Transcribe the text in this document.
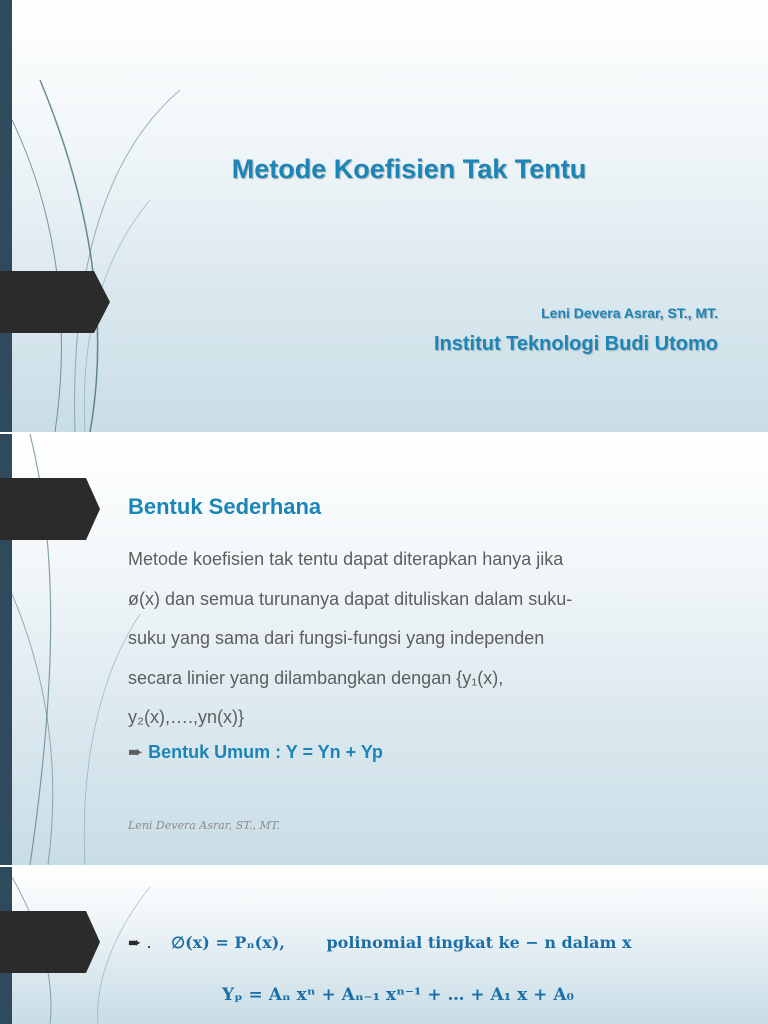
Metode Koefisien Tak Tentu
Leni Devera Asrar, ST., MT.
Institut Teknologi Budi Utomo
Bentuk Sederhana
Metode koefisien tak tentu dapat diterapkan hanya jika
ø(x) dan semua turunanya dapat dituliskan dalam suku-
suku yang sama dari fungsi-fungsi yang independen
secara linier yang dilambangkan dengan {y₁(x),
y₂(x),….,yn(x)}
➨ Bentuk Umum : Y = Yn + Yp
Leni Devera Asrar, ST., MT.
➨ . ∅(x) = Pₙ(x),	polinomial tingkat ke − n dalam x
Yₚ = Aₙ xⁿ + Aₙ₋₁ xⁿ⁻¹ + … + A₁ x + A₀
